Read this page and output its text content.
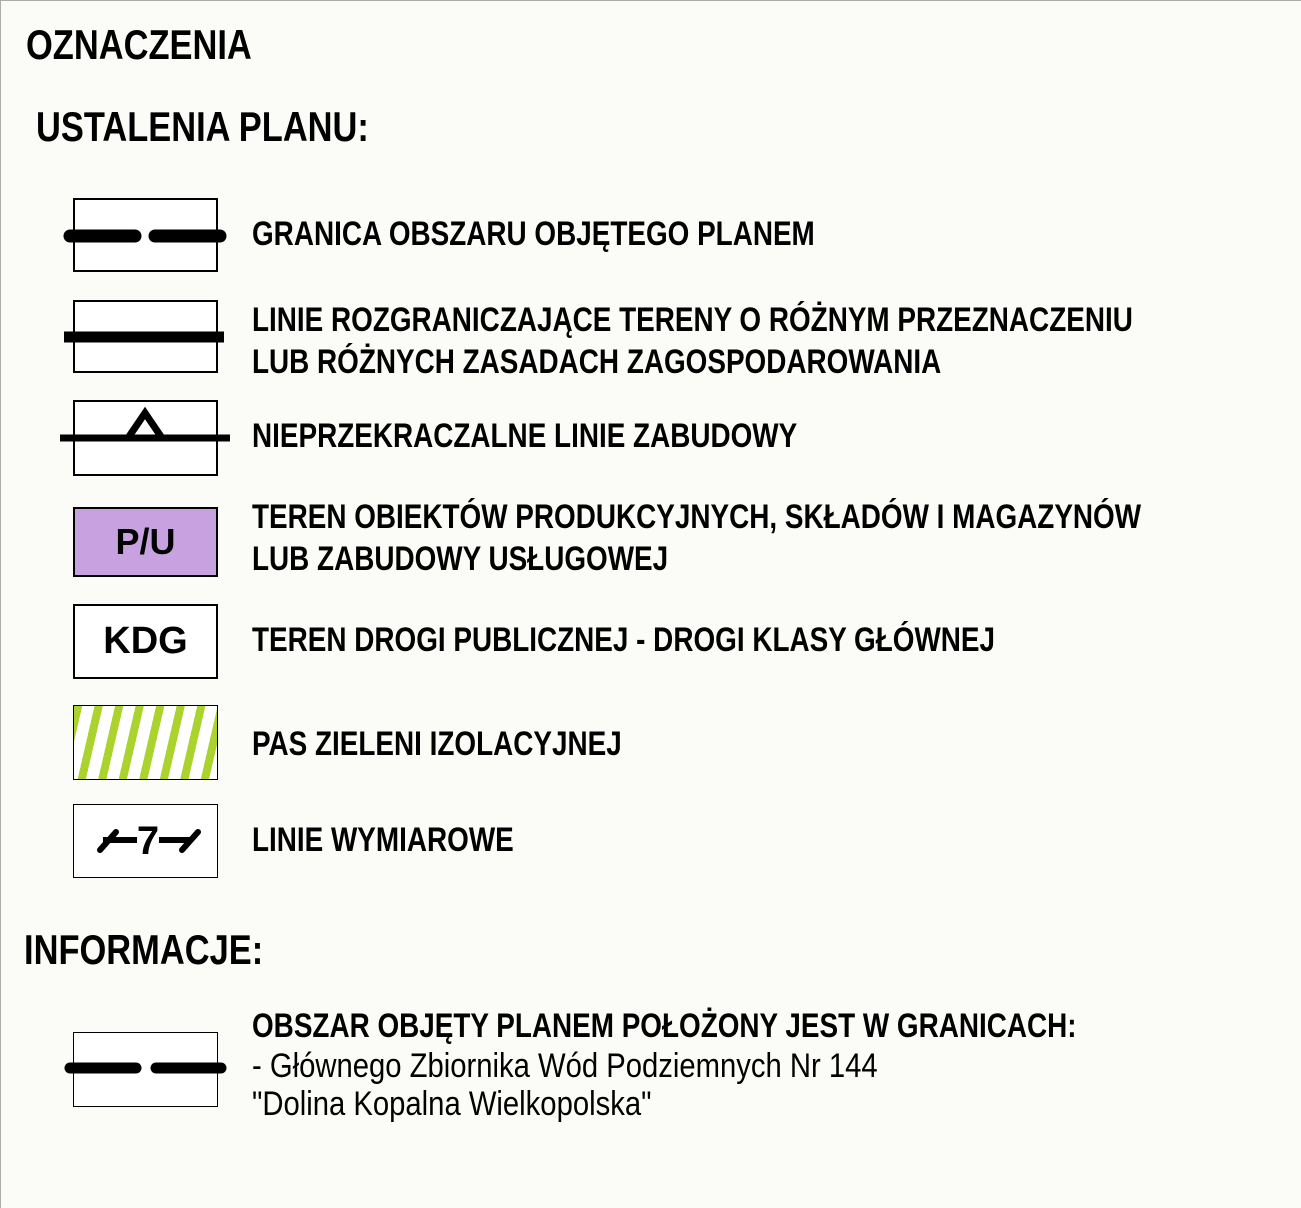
OZNACZENIA
USTALENIA PLANU:
GRANICA OBSZARU OBJĘTEGO PLANEM
LINIE ROZGRANICZAJĄCE TERENY O RÓŻNYM PRZEZNACZENIU
LUB RÓŻNYCH ZASADACH ZAGOSPODAROWANIA
NIEPRZEKRACZALNE LINIE ZABUDOWY
P/U
TEREN OBIEKTÓW PRODUKCYJNYCH, SKŁADÓW I MAGAZYNÓW
LUB ZABUDOWY USŁUGOWEJ
KDG	TEREN DROGI PUBLICZNEJ - DROGI KLASY GŁÓWNEJ
PAS ZIELENI IZOLACYJNEJ
7	LINIE WYMIAROWE
INFORMACJE:
OBSZAR OBJĘTY PLANEM POŁOŻONY JEST W GRANICACH:
- Głównego Zbiornika Wód Podziemnych Nr 144
"Dolina Kopalna Wielkopolska"
